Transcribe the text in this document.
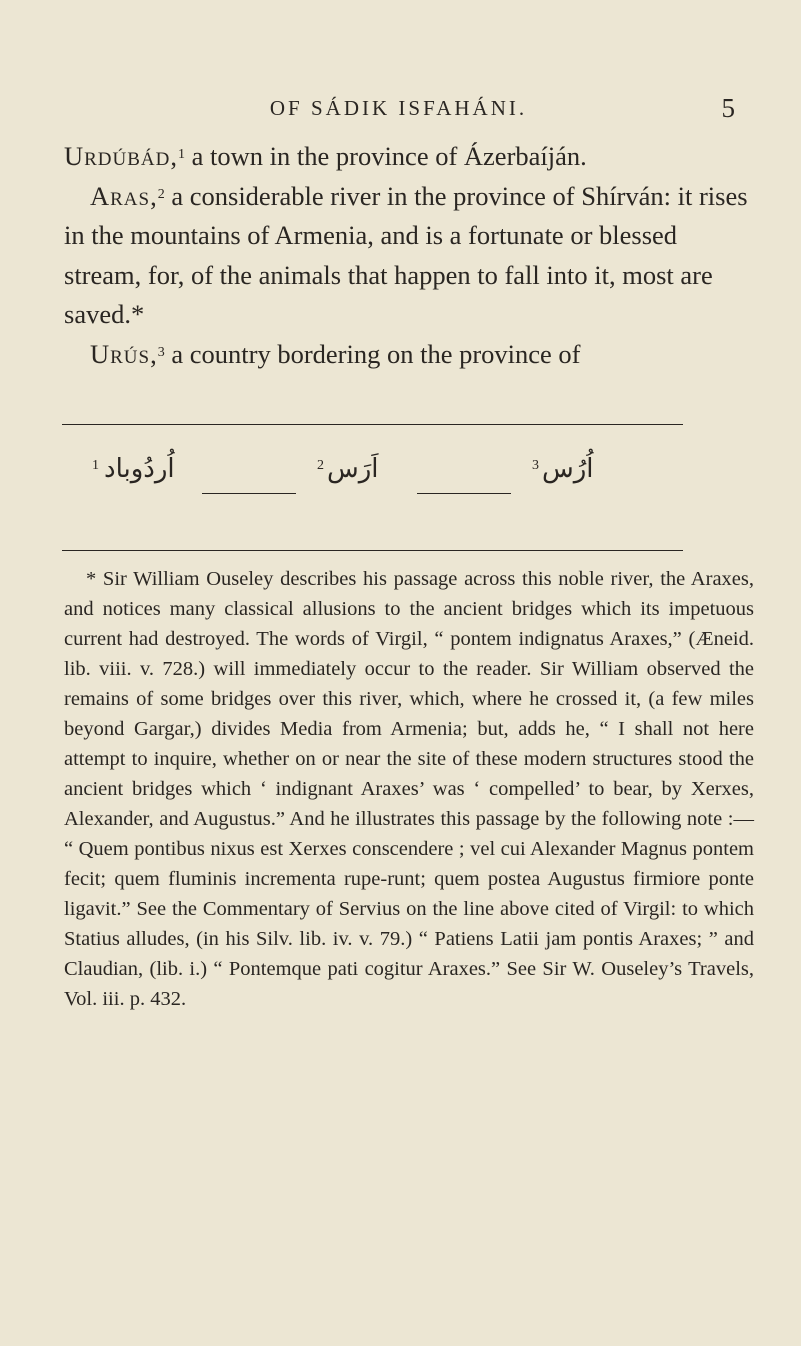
OF SÁDIK ISFAHÁNI.	5

Urdúbád,$^1$ a town in the province of Ázerbaíján.

Aras,$^2$ a considerable river in the province of Shírván: it rises in the mountains of Armenia, and is a fortunate or blessed stream, for, of the animals that happen to fall into it, most are saved.*

Urús,$^3$ a country bordering on the province of

1 اُردُوباد	2 اَرَس	3 اُرُس

* Sir William Ouseley describes his passage across this noble river, the Araxes, and notices many classical allusions to the ancient bridges which its impetuous current had destroyed. The words of Virgil, “ pontem indignatus Araxes,” (Æneid. lib. viii. v. 728.) will immediately occur to the reader. Sir William observed the remains of some bridges over this river, which, where he crossed it, (a few miles beyond Gargar,) divides Media from Armenia; but, adds he, “ I shall not here attempt to inquire, whether on or near the site of these modern structures stood the ancient bridges which ‘ indignant Araxes’ was ‘ compelled’ to bear, by Xerxes, Alexander, and Augustus.” And he illustrates this passage by the following note :— “ Quem pontibus nixus est Xerxes conscendere ; vel cui Alexander Magnus pontem fecit; quem fluminis incrementa rupe-runt; quem postea Augustus firmiore ponte ligavit.” See the Commentary of Servius on the line above cited of Virgil: to which Statius alludes, (in his Silv. lib. iv. v. 79.) “ Patiens Latii jam pontis Araxes; ” and Claudian, (lib. i.) “ Pontemque pati cogitur Araxes.” See Sir W. Ouseley’s Travels, Vol. iii. p. 432.
